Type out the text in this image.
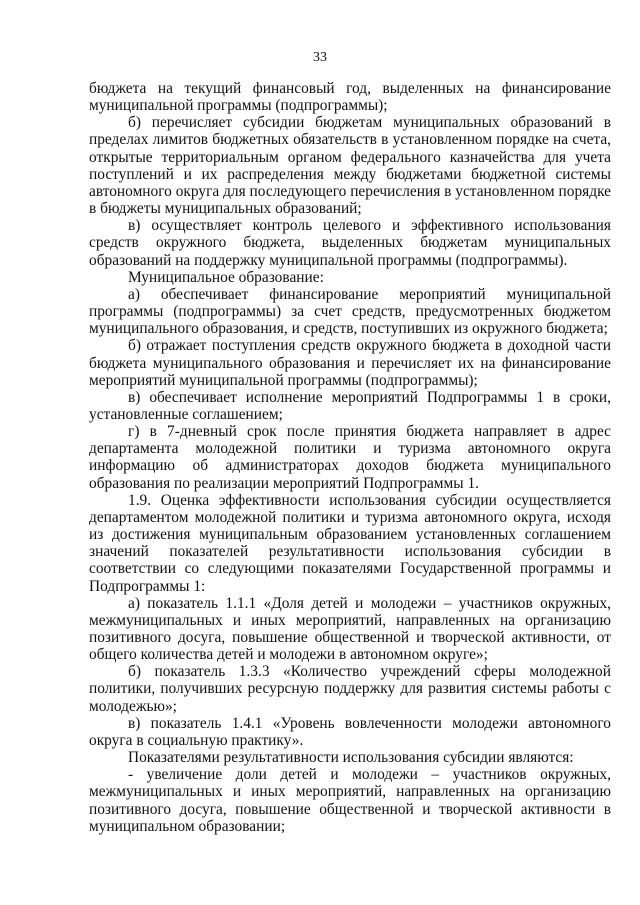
33

бюджета на текущий финансовый год, выделенных на финансирование муниципальной программы (подпрограммы);

б) перечисляет субсидии бюджетам муниципальных образований в пределах лимитов бюджетных обязательств в установленном порядке на счета, открытые территориальным органом федерального казначейства для учета поступлений и их распределения между бюджетами бюджетной системы автономного округа для последующего перечисления в установленном порядке в бюджеты муниципальных образований;

в) осуществляет контроль целевого и эффективного использования средств окружного бюджета, выделенных бюджетам муниципальных образований на поддержку муниципальной программы (подпрограммы).

Муниципальное образование:

а) обеспечивает финансирование мероприятий муниципальной программы (подпрограммы) за счет средств, предусмотренных бюджетом муниципального образования, и средств, поступивших из окружного бюджета;

б) отражает поступления средств окружного бюджета в доходной части бюджета муниципального образования и перечисляет их на финансирование мероприятий муниципальной программы (подпрограммы);

в) обеспечивает исполнение мероприятий Подпрограммы 1 в сроки, установленные соглашением;

г) в 7-дневный срок после принятия бюджета направляет в адрес департамента молодежной политики и туризма автономного округа информацию об администраторах доходов бюджета муниципального образования по реализации мероприятий Подпрограммы 1.

1.9. Оценка эффективности использования субсидии осуществляется департаментом молодежной политики и туризма автономного округа, исходя из достижения муниципальным образованием установленных соглашением значений показателей результативности использования субсидии в соответствии со следующими показателями Государственной программы и Подпрограммы 1:

а) показатель 1.1.1 «Доля детей и молодежи – участников окружных, межмуниципальных и иных мероприятий, направленных на организацию позитивного досуга, повышение общественной и творческой активности, от общего количества детей и молодежи в автономном округе»;

б) показатель 1.3.3 «Количество учреждений сферы молодежной политики, получивших ресурсную поддержку для развития системы работы с молодежью»;

в) показатель 1.4.1 «Уровень вовлеченности молодежи автономного округа в социальную практику».

Показателями результативности использования субсидии являются:

- увеличение доли детей и молодежи – участников окружных, межмуниципальных и иных мероприятий, направленных на организацию позитивного досуга, повышение общественной и творческой активности в муниципальном образовании;
